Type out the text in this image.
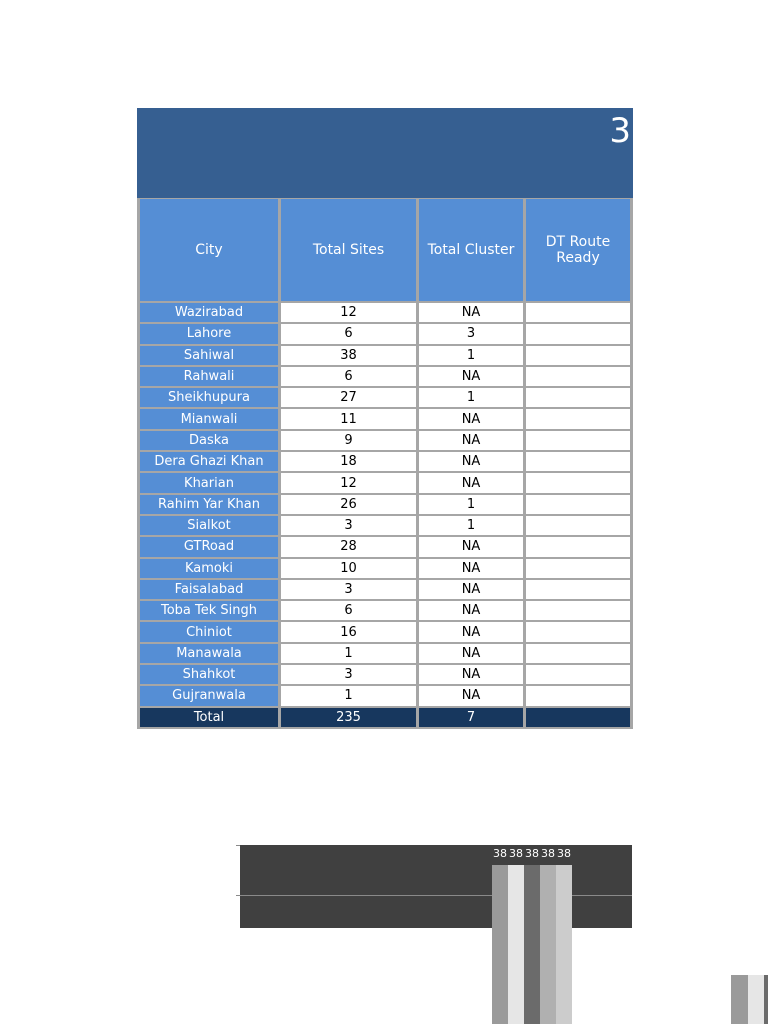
3
City	Total Sites	Total Cluster	DT Route Ready
Wazirabad	12	NA	
Lahore	6	3	
Sahiwal	38	1	
Rahwali	6	NA	
Sheikhupura	27	1	
Mianwali	11	NA	
Daska	9	NA	
Dera Ghazi Khan	18	NA	
Kharian	12	NA	
Rahim Yar Khan	26	1	
Sialkot	3	1	
GTRoad	28	NA	
Kamoki	10	NA	
Faisalabad	3	NA	
Toba Tek Singh	6	NA	
Chiniot	16	NA	
Manawala	1	NA	
Shahkot	3	NA	
Gujranwala	1	NA	
Total	235	7	
38 38 38 38 38
